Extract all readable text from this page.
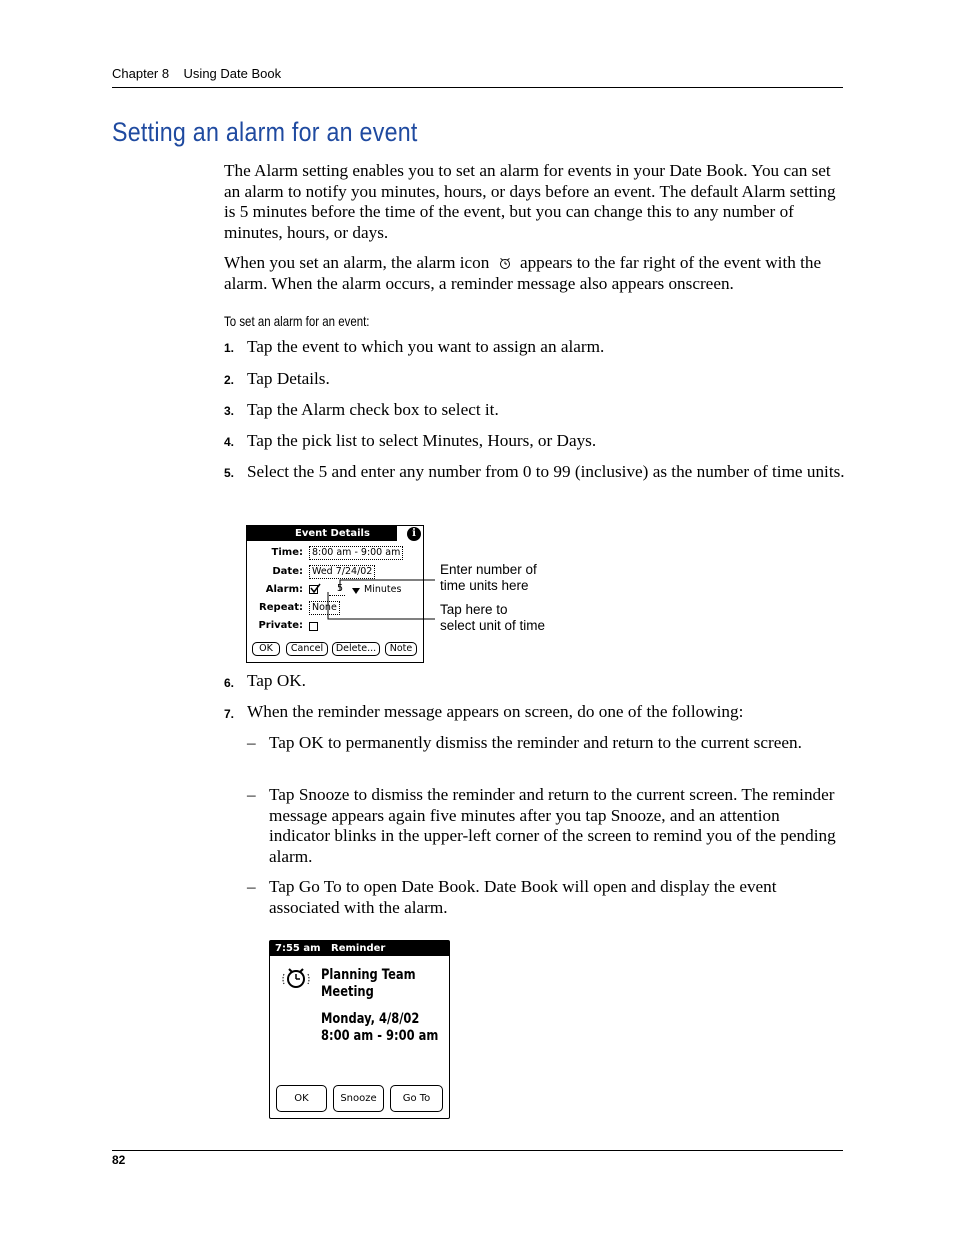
Chapter 8    Using Date Book
Setting an alarm for an event

The Alarm setting enables you to set an alarm for events in your Date Book. You can set an alarm to notify you minutes, hours, or days before an event. The default Alarm setting is 5 minutes before the time of the event, but you can change this to any number of minutes, hours, or days.

When you set an alarm, the alarm icon appears to the far right of the event with the alarm. When the alarm occurs, a reminder message also appears onscreen.

To set an alarm for an event:
1. Tap the event to which you want to assign an alarm.
2. Tap Details.
3. Tap the Alarm check box to select it.
4. Tap the pick list to select Minutes, Hours, or Days.
5. Select the 5 and enter any number from 0 to 99 (inclusive) as the number of time units.
Event Details	i
Time: 8:00 am - 9:00 am
Date: Wed 7/24/02
Alarm:	5 Minutes
Repeat: None
Private:
OK	Cancel	Delete...	Note
Enter number of
time units here
Tap here to
select unit of time
6. Tap OK.
7. When the reminder message appears on screen, do one of the following:
– Tap OK to permanently dismiss the reminder and return to the current screen.
– Tap Snooze to dismiss the reminder and return to the current screen. The reminder message appears again five minutes after you tap Snooze, and an attention indicator blinks in the upper-left corner of the screen to remind you of the pending alarm.
– Tap Go To to open Date Book. Date Book will open and display the event associated with the alarm.
7:55 am Reminder
Planning Team
Meeting
Monday, 4/8/02
8:00 am - 9:00 am
OK	Snooze	Go To
82
